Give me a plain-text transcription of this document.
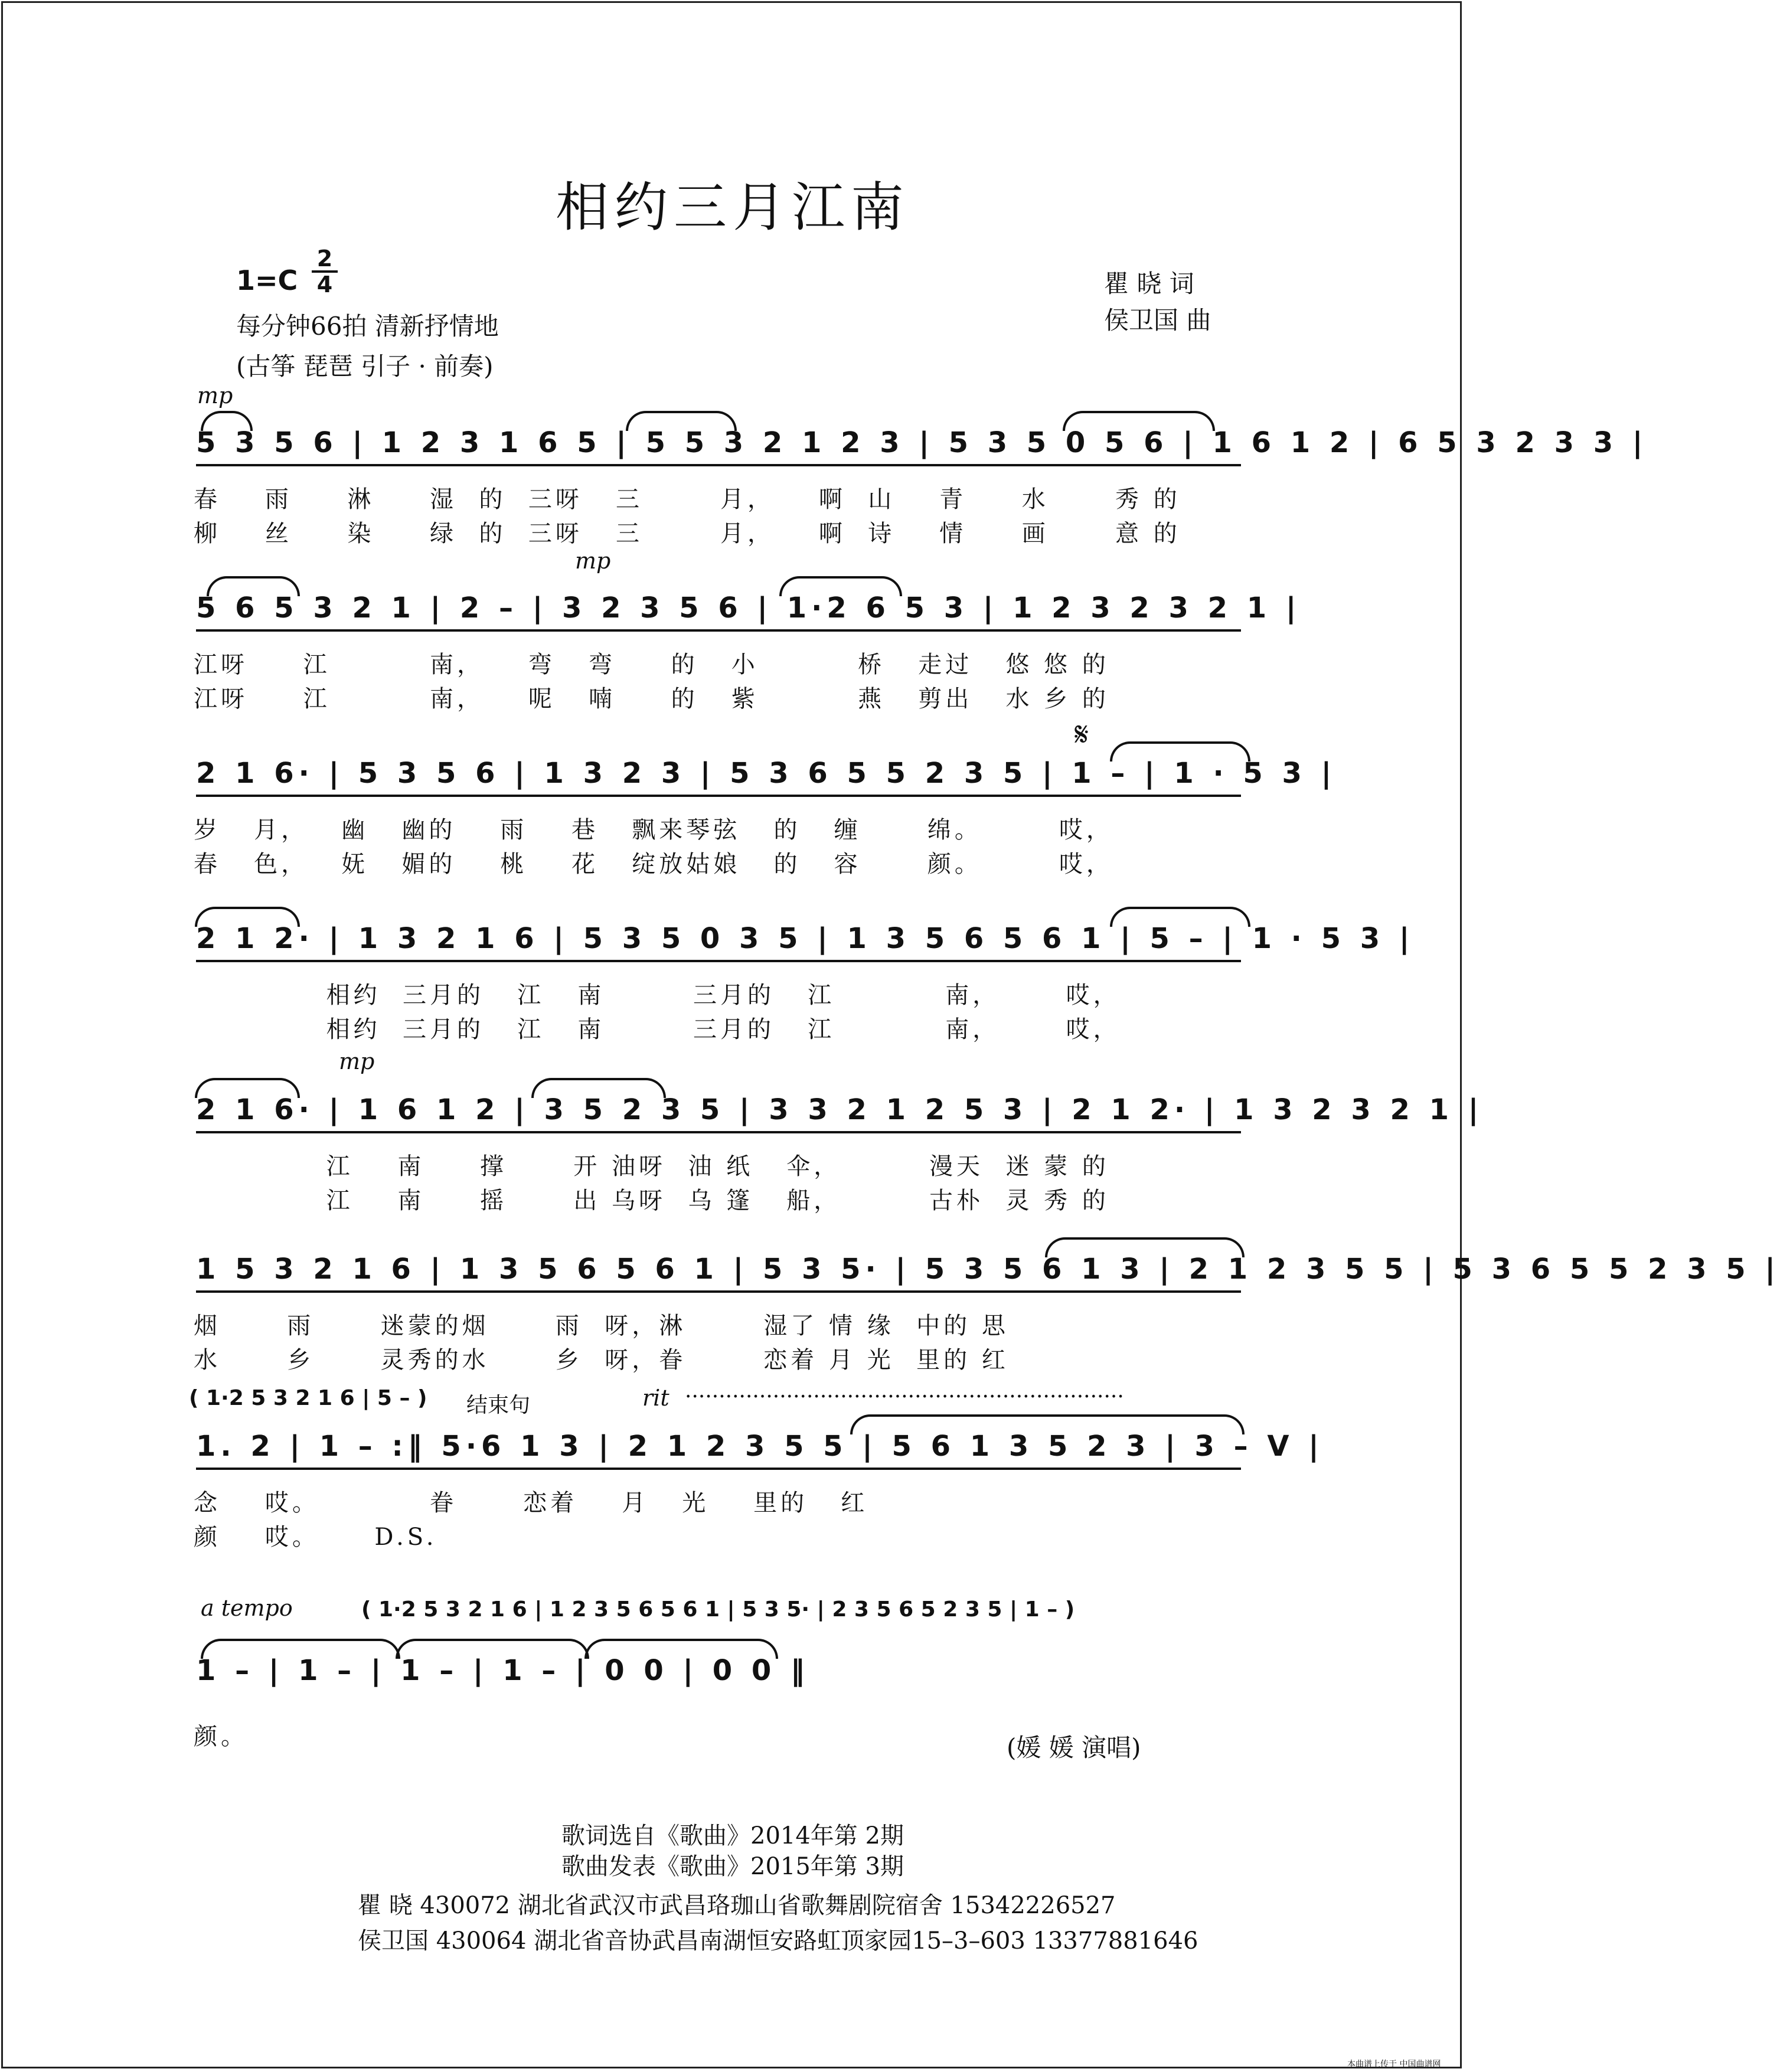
相约三月江南
1=C
2
4
每分钟66拍 清新抒情地
(古筝 琵琶 引子 · 前奏)
瞿 晓 词
侯卫国 曲
mp
5 3 5 6 | 1 2 3 1 6 5 | 5 5 3 2 1 2 3 | 5 3 5 0 5 6 | 1 6 1 2 | 6 5 3 2 3 3 |
春    雨     淋     湿  的  三呀   三       月，    啊  山    青     水      秀 的
柳    丝     染     绿  的  三呀   三       月，    啊  诗    情     画      意 的
mp
5 6 5 3 2 1 | 2 – | 3 2 3 5 6 | 1·2 6 5 3 | 1 2 3 2 3 2 1 |
江呀     江         南，    弯   弯     的   小         桥   走过   悠 悠 的
江呀     江         南，    呢   喃     的   紫         燕   剪出   水 乡 的
𝄋
2 1 6· | 5 3 5 6 | 1 3 2 3 | 5 3 6 5 5 2 3 5 | 1 – | 1 · 5 3 |
岁   月，   幽   幽的    雨    巷   飘来琴弦   的   缠      绵。       哎，
春   色，   妩   媚的    桃    花   绽放姑娘   的   容      颜。       哎，
2 1 2· | 1 3 2 1 6 | 5 3 5 0 3 5 | 1 3 5 6 5 6 1 | 5 – | 1 · 5 3 |
相约  三月的   江   南        三月的   江          南，      哎，
相约  三月的   江   南        三月的   江          南，      哎，
mp
2 1 6· | 1 6 1 2 | 3 5 2 3 5 | 3 3 2 1 2 5 3 | 2 1 2· | 1 3 2 3 2 1 |
江    南     撑      开 油呀  油 纸   伞，        漫天  迷 蒙 的
江    南     摇      出 乌呀  乌 篷   船，        古朴  灵 秀 的
1 5 3 2 1 6 | 1 3 5 6 5 6 1 | 5 3 5· | 5 3 5 6 1 3 | 2 1 2 3 5 5 | 5 3 6 5 5 2 3 5 |
烟      雨      迷蒙的烟      雨  呀，淋       湿了 情 缘  中的 思
水      乡      灵秀的水      乡  呀，眷       恋着 月 光  里的 红
( 1·2 5 3 2 1 6 | 5 – ) 结束句	rit ·································································
1. 2 | 1 – :‖ 5·6 1 3 | 2 1 2 3 5 5 | 5 6 1 3 5 2 3 | 3 – V |
念    哎。          眷      恋着    月   光    里的   红
颜    哎。     D.S.
a tempo	( 1·2 5 3 2 1 6 | 1 2 3 5 6 5 6 1 | 5 3 5· | 2 3 5 6 5 2 3 5 | 1 – )
1 – | 1 – | 1 – | 1 – | 0 0 | 0 0 ‖
颜。	(媛 媛 演唱)
歌词选自《歌曲》2014年第 2期
歌曲发表《歌曲》2015年第 3期
瞿 晓 430072 湖北省武汉市武昌珞珈山省歌舞剧院宿舍 15342226527
侯卫国 430064 湖北省音协武昌南湖恒安路虹顶家园15–3–603 13377881646
本曲谱上传于 中国曲谱网
